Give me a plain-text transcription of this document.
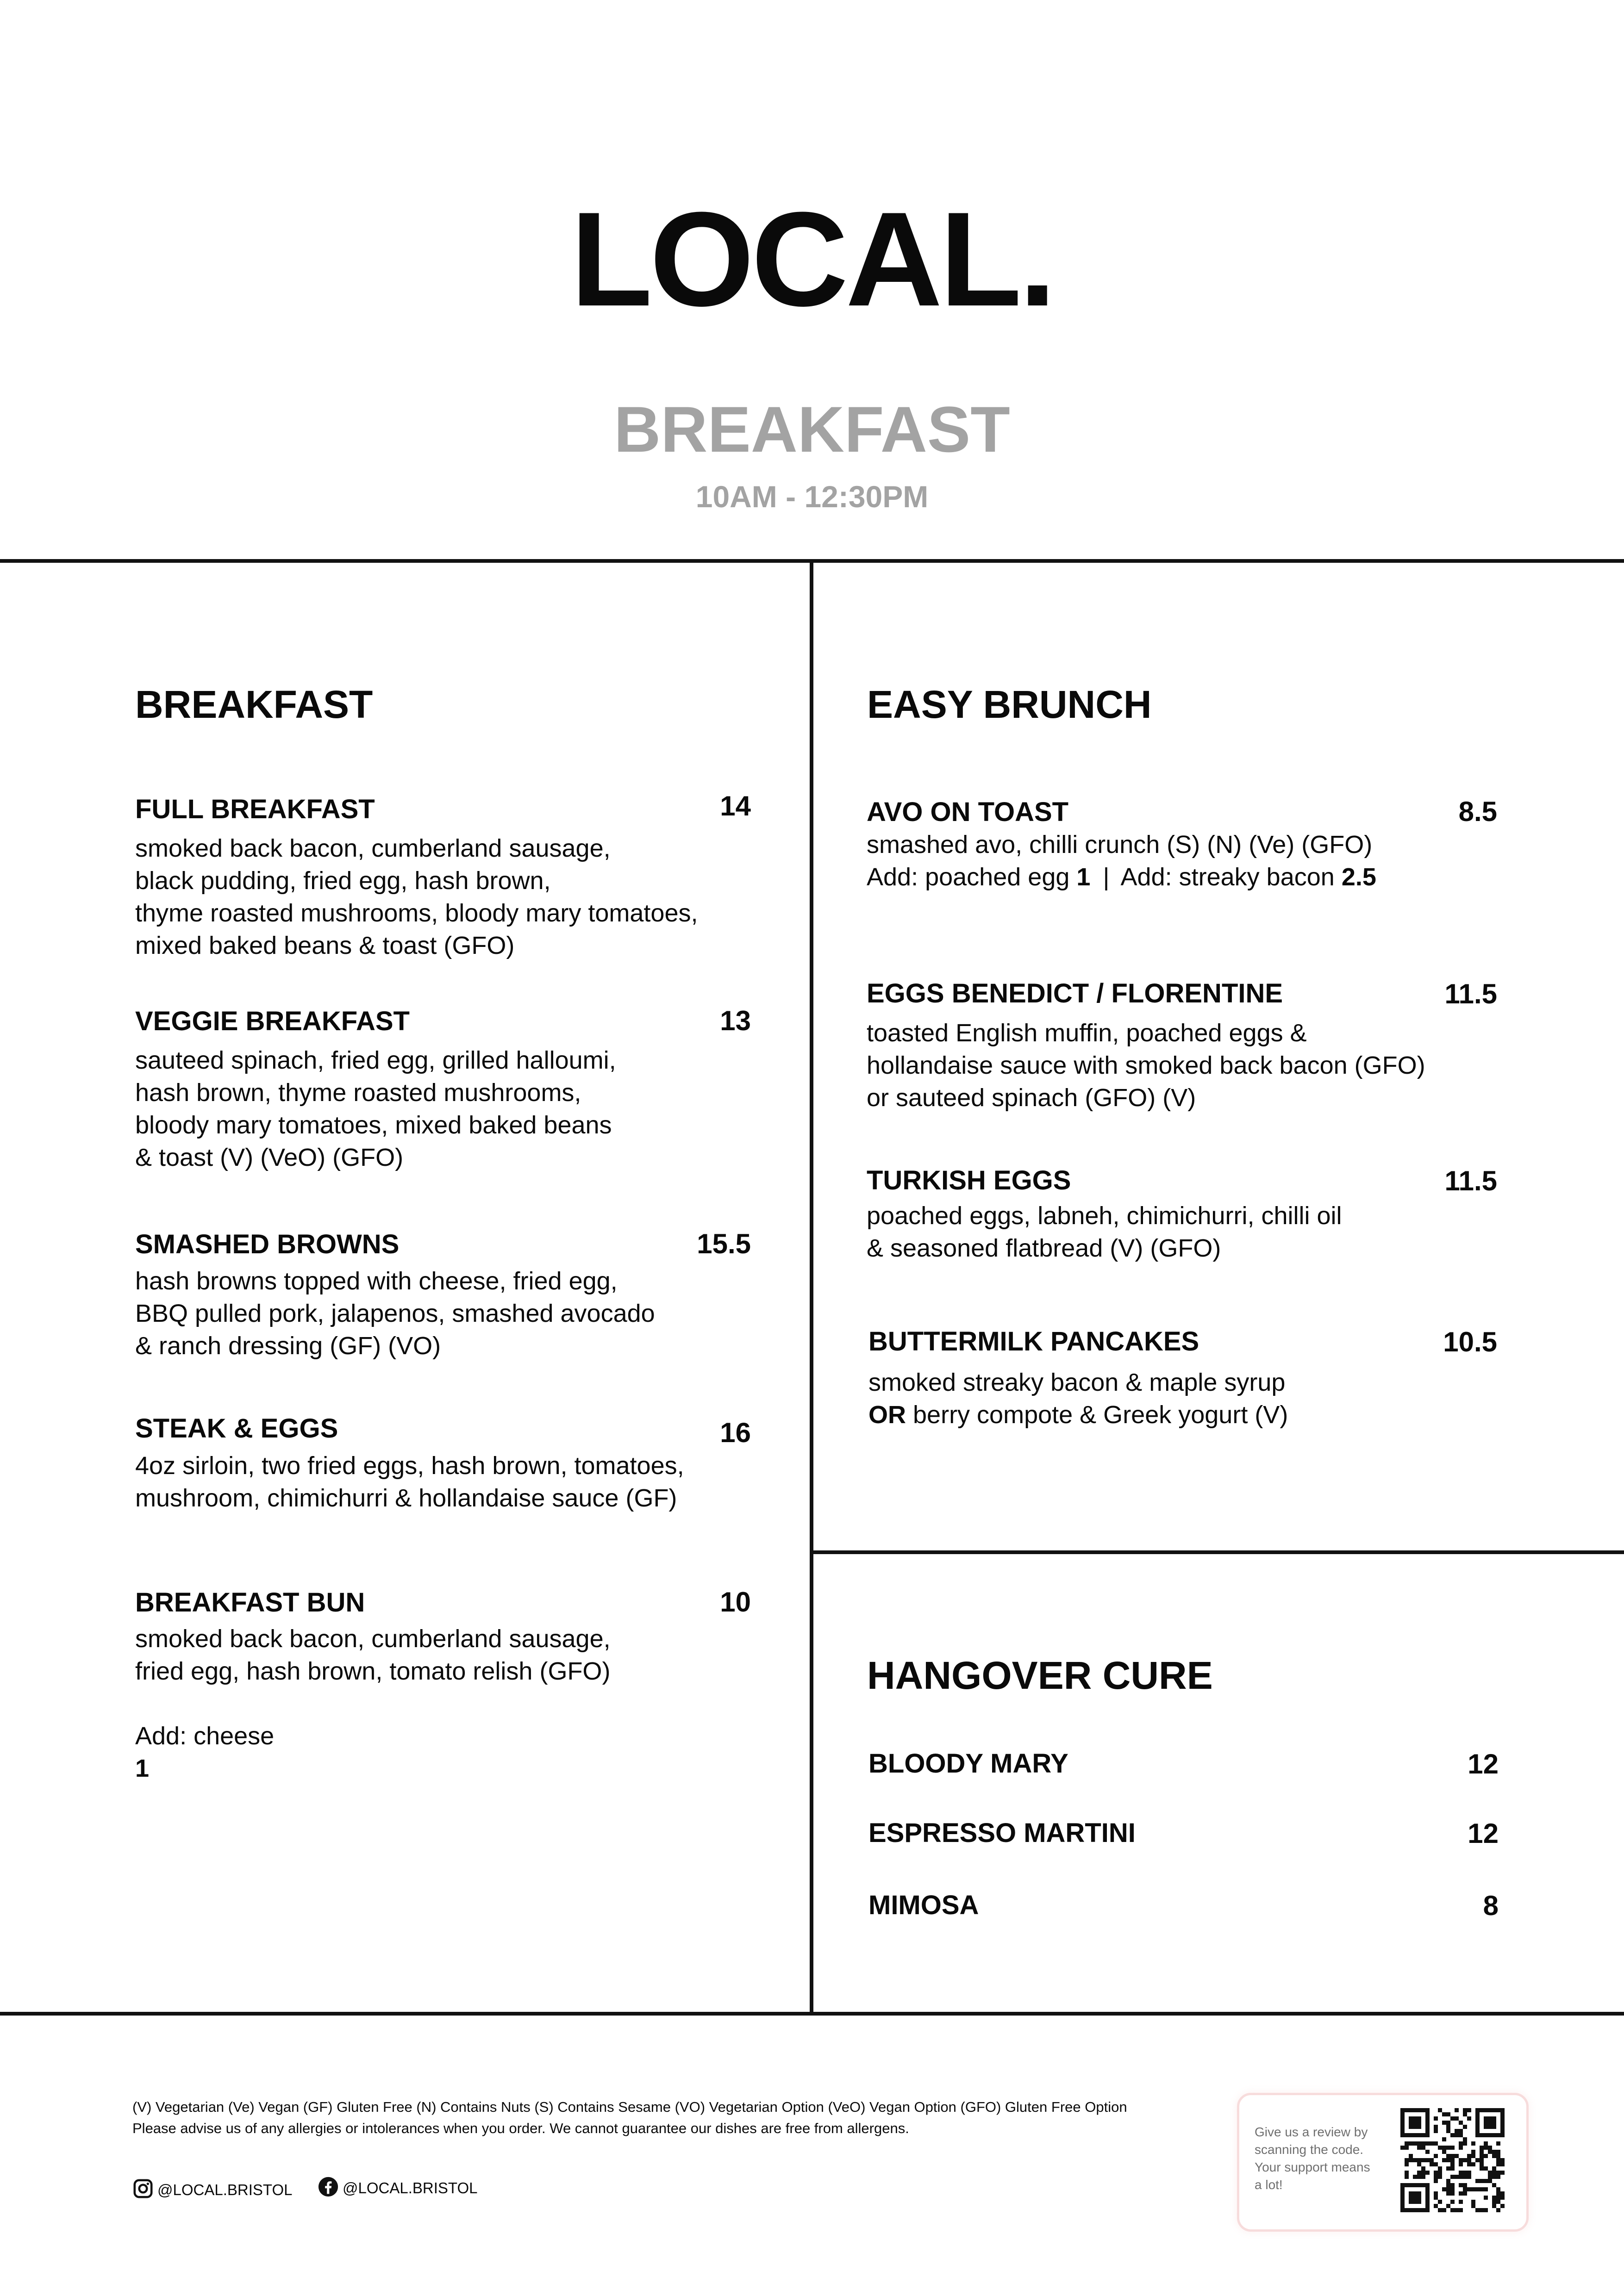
LOCAL.
BREAKFAST
10AM - 12:30PM
BREAKFAST
FULL BREAKFAST	14
smoked back bacon, cumberland sausage,
black pudding, fried egg, hash brown,
thyme roasted mushrooms, bloody mary tomatoes,
mixed baked beans & toast (GFO)
VEGGIE BREAKFAST	13
sauteed spinach, fried egg, grilled halloumi,
hash brown, thyme roasted mushrooms,
bloody mary tomatoes, mixed baked beans
& toast (V) (VeO) (GFO)
SMASHED BROWNS	15.5
hash browns topped with cheese, fried egg,
BBQ pulled pork, jalapenos, smashed avocado
& ranch dressing (GF) (VO)
STEAK & EGGS	16
4oz sirloin, two fried eggs, hash brown, tomatoes,
mushroom, chimichurri & hollandaise sauce (GF)
BREAKFAST BUN	10
smoked back bacon, cumberland sausage,
fried egg, hash brown, tomato relish (GFO)

Add: cheese
1

EASY BRUNCH
AVO ON TOAST	8.5
smashed avo, chilli crunch (S) (N) (Ve) (GFO)
Add: poached egg 1 | Add: streaky bacon 2.5
EGGS BENEDICT / FLORENTINE	11.5
toasted English muffin, poached eggs &
hollandaise sauce with smoked back bacon (GFO)
or sauteed spinach (GFO) (V)
TURKISH EGGS	11.5
poached eggs, labneh, chimichurri, chilli oil
& seasoned flatbread (V) (GFO)
BUTTERMILK PANCAKES	10.5
smoked streaky bacon & maple syrup
OR berry compote & Greek yogurt (V)
HANGOVER CURE
BLOODY MARY	12
ESPRESSO MARTINI	12
MIMOSA	8
(V) Vegetarian (Ve) Vegan (GF) Gluten Free (N) Contains Nuts (S) Contains Sesame (VO) Vegetarian Option (VeO) Vegan Option (GFO) Gluten Free Option
Please advise us of any allergies or intolerances when you order. We cannot guarantee our dishes are free from allergens.
@LOCAL.BRISTOL	@LOCAL.BRISTOL
Give us a review by
scanning the code.
Your support means
a lot!
